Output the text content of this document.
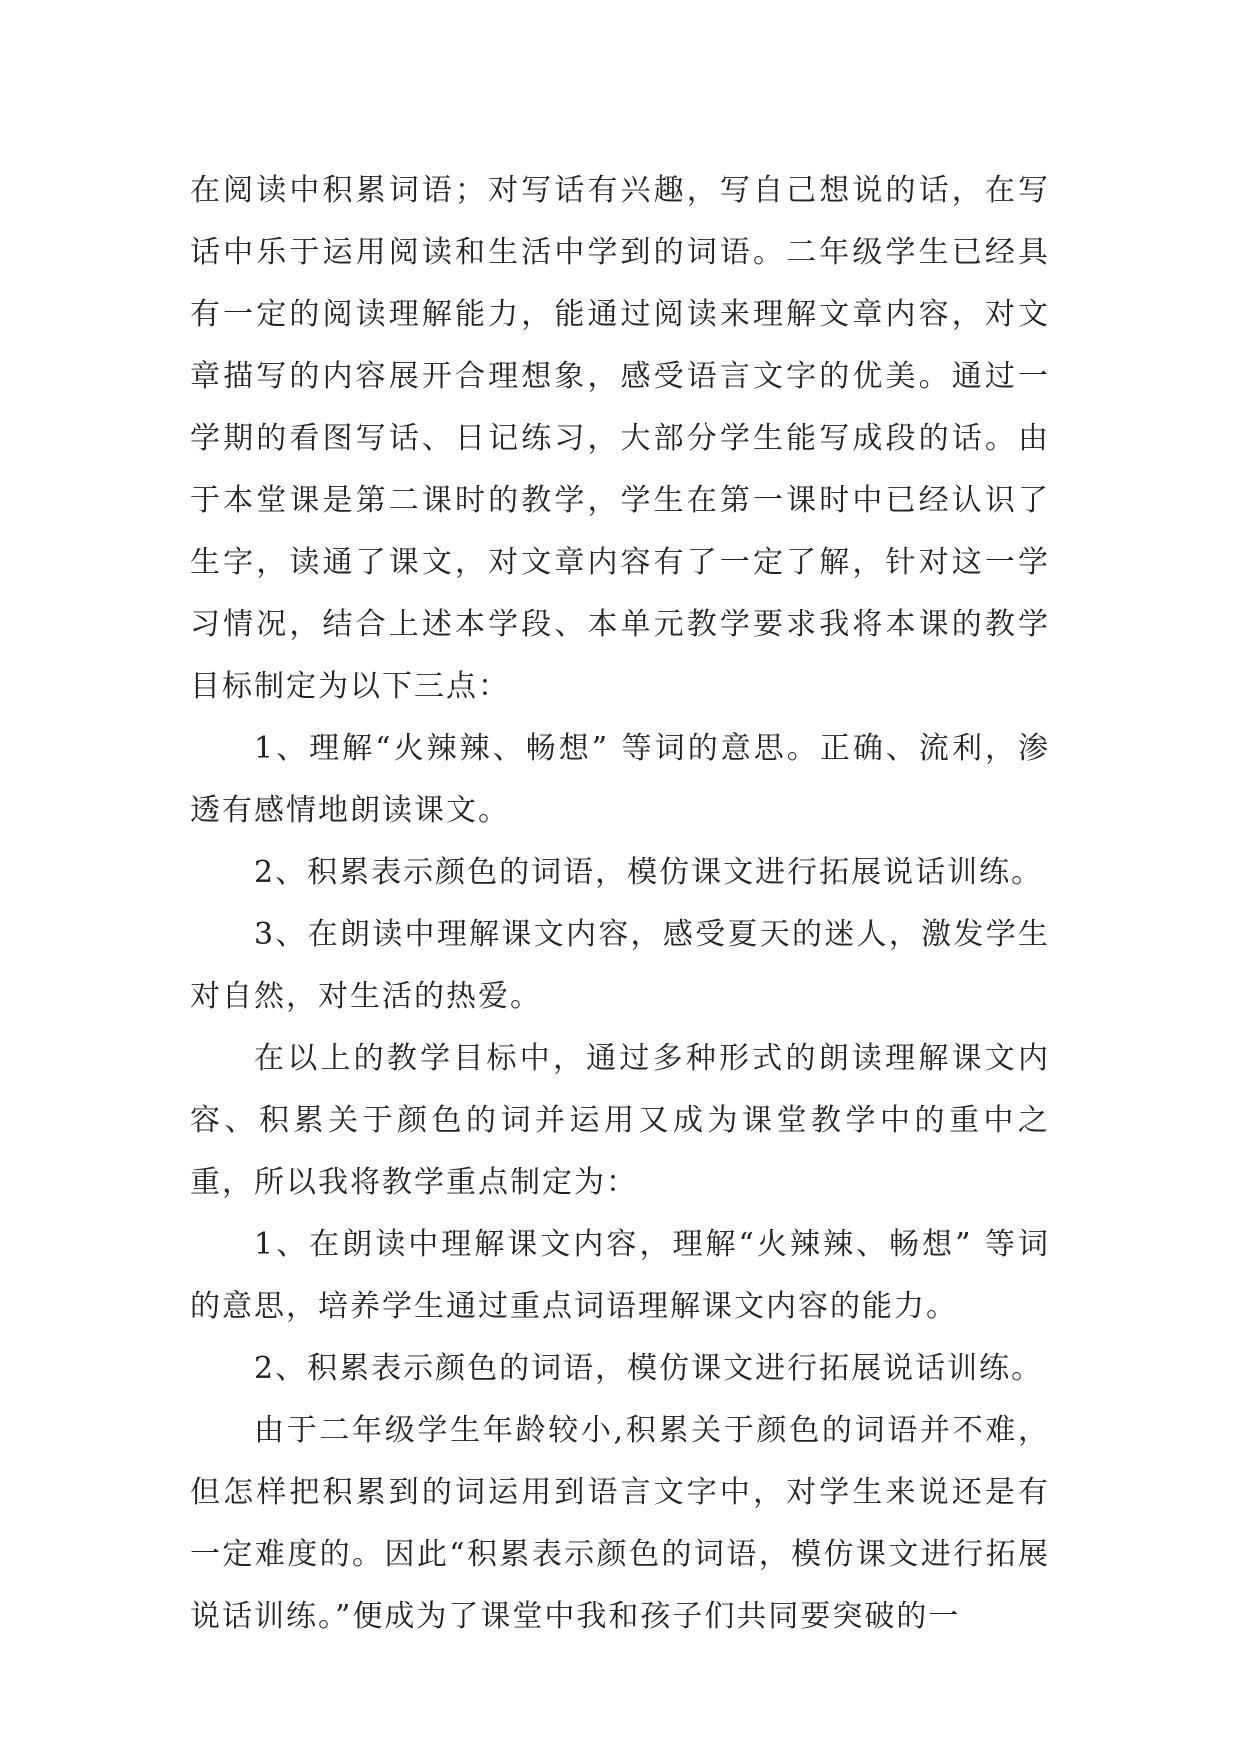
在阅读中积累词语；对写话有兴趣，写自己想说的话，在写话中乐于运用阅读和生活中学到的词语。二年级学生已经具有一定的阅读理解能力，能通过阅读来理解文章内容，对文章描写的内容展开合理想象，感受语言文字的优美。通过一学期的看图写话、日记练习，大部分学生能写成段的话。由于本堂课是第二课时的教学，学生在第一课时中已经认识了生字，读通了课文，对文章内容有了一定了解，针对这一学习情况，结合上述本学段、本单元教学要求我将本课的教学目标制定为以下三点：

1、理解“火辣辣、畅想” 等词的意思。正确、流利，渗透有感情地朗读课文。

2、积累表示颜色的词语，模仿课文进行拓展说话训练。

3、在朗读中理解课文内容，感受夏天的迷人，激发学生对自然，对生活的热爱。

在以上的教学目标中，通过多种形式的朗读理解课文内容、积累关于颜色的词并运用又成为课堂教学中的重中之重，所以我将教学重点制定为：

1、在朗读中理解课文内容，理解“火辣辣、畅想” 等词的意思，培养学生通过重点词语理解课文内容的能力。

2、积累表示颜色的词语，模仿课文进行拓展说话训练。

由于二年级学生年龄较小,积累关于颜色的词语并不难，但怎样把积累到的词运用到语言文字中，对学生来说还是有一定难度的。因此“积累表示颜色的词语，模仿课文进行拓展说话训练。”便成为了课堂中我和孩子们共同要突破的一
